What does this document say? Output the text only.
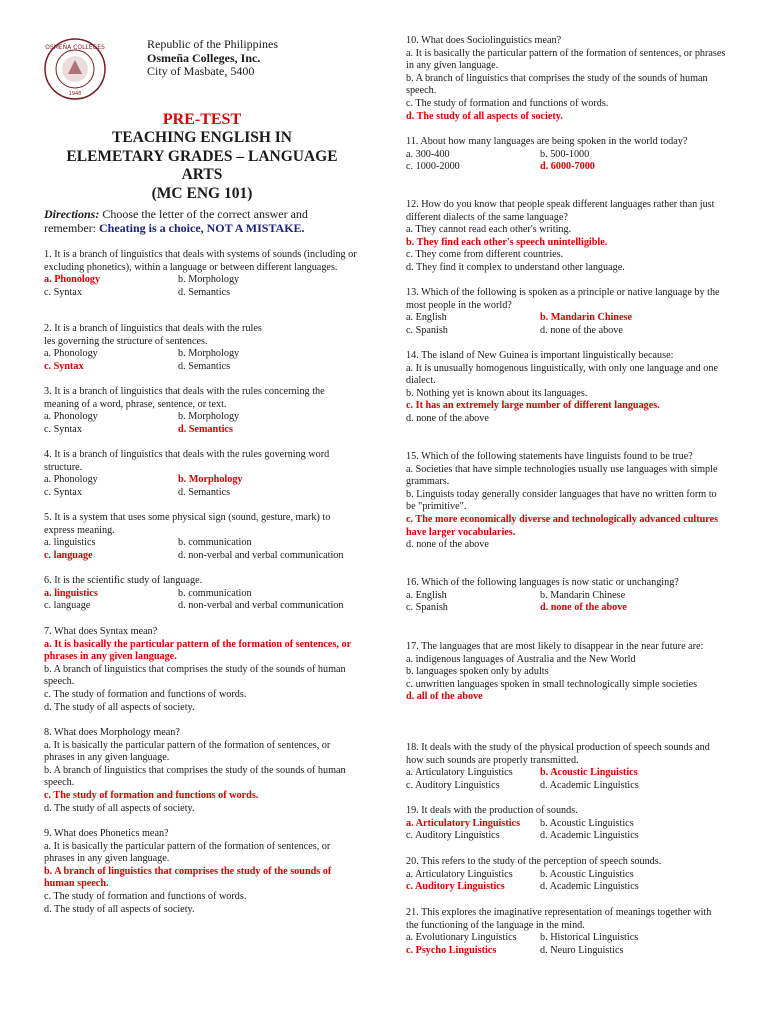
OSMEÑA COLLEGES
1948
Republic of the Philippines
Osmeña Colleges, Inc.
City of Masbate, 5400
PRE-TEST
TEACHING ENGLISH IN
ELEMETARY GRADES – LANGUAGE
ARTS
(MC ENG 101)
Directions: Choose the letter of the correct answer and remember: Cheating is a choice, NOT A MISTAKE.
1. It is a branch of linguistics that deals with systems of sounds (including or excluding phonetics), within a language or between different languages.
a. Phonology	b. Morphology
c. Syntax	d. Semantics
2. It is a branch of linguistics that deals with the rules
les governing the structure of sentences.
a. Phonology	b. Morphology
c. Syntax	d. Semantics
3. It is a branch of linguistics that deals with the rules concerning the meaning of a word, phrase, sentence, or text.
a. Phonology	b. Morphology
c. Syntax	d. Semantics
4. It is a branch of linguistics that deals with the rules governing word structure.
a. Phonology	b. Morphology
c. Syntax	d. Semantics
5. It is a system that uses some physical sign (sound, gesture, mark) to express meaning.
a. linguistics	b. communication
c. language	d. non-verbal and verbal communication
6. It is the scientific study of language.
a. linguistics	b. communication
c. language	d. non-verbal and verbal communication
7. What does Syntax mean?
a. It is basically the particular pattern of the formation of sentences, or phrases in any given language.
b. A branch of linguistics that comprises the study of the sounds of human speech.
c. The study of formation and functions of words.
d. The study of all aspects of society.
8. What does Morphology mean?
a. It is basically the particular pattern of the formation of sentences, or phrases in any given language.
b. A branch of linguistics that comprises the study of the sounds of human speech.
c. The study of formation and functions of words.
d. The study of all aspects of society.
9. What does Phonetics mean?
a. It is basically the particular pattern of the formation of sentences, or phrases in any given language.
b. A branch of linguistics that comprises the study of the sounds of human speech.
c. The study of formation and functions of words.
d. The study of all aspects of society.
10. What does Sociolinguistics mean?
a. It is basically the particular pattern of the formation of sentences, or phrases in any given language.
b. A branch of linguistics that comprises the study of the sounds of human speech.
c. The study of formation and functions of words.
d. The study of all aspects of society.
11. About how many languages are being spoken in the world today?
a. 300-400	b. 500-1000
c. 1000-2000	d. 6000-7000
12. How do you know that people speak different languages rather than just different dialects of the same language?
a. They cannot read each other's writing.
b. They find each other's speech unintelligible.
c. They come from different countries.
d. They find it complex to understand other language.
13. Which of the following is spoken as a principle or native language by the most people in the world?
a. English	b. Mandarin Chinese
c. Spanish	d. none of the above
14. The island of New Guinea is important linguistically because:
a. It is unusually homogenous linguistically, with only one language and one dialect.
b. Nothing yet is known about its languages.
c. It has an extremely large number of different languages.
d. none of the above
15. Which of the following statements have linguists found to be true?
a. Societies that have simple technologies usually use languages with simple grammars.
b. Linguists today generally consider languages that have no written form to be "primitive".
c. The more economically diverse and technologically advanced cultures have larger vocabularies.
d. none of the above
16. Which of the following languages is now static or unchanging?
a. English	b. Mandarin Chinese
c. Spanish	d. none of the above
17. The languages that are most likely to disappear in the near future are:
a. indigenous languages of Australia and the New World
b. languages spoken only by adults
c. unwritten languages spoken in small technologically simple societies
d. all of the above
18. It deals with the study of the physical production of speech sounds and how such sounds are properly transmitted.
a. Articulatory Linguistics	b. Acoustic Linguistics
c. Auditory Linguistics	d. Academic Linguistics
19. It deals with the production of sounds.
a. Articulatory Linguistics	b. Acoustic Linguistics
c. Auditory Linguistics	d. Academic Linguistics
20. This refers to the study of the perception of speech sounds.
a. Articulatory Linguistics	b. Acoustic Linguistics
c. Auditory Linguistics	d. Academic Linguistics
21. This explores the imaginative representation of meanings together with the functioning of the language in the mind.
a. Evolutionary Linguistics	b. Historical Linguistics
c. Psycho Linguistics	d. Neuro Linguistics
